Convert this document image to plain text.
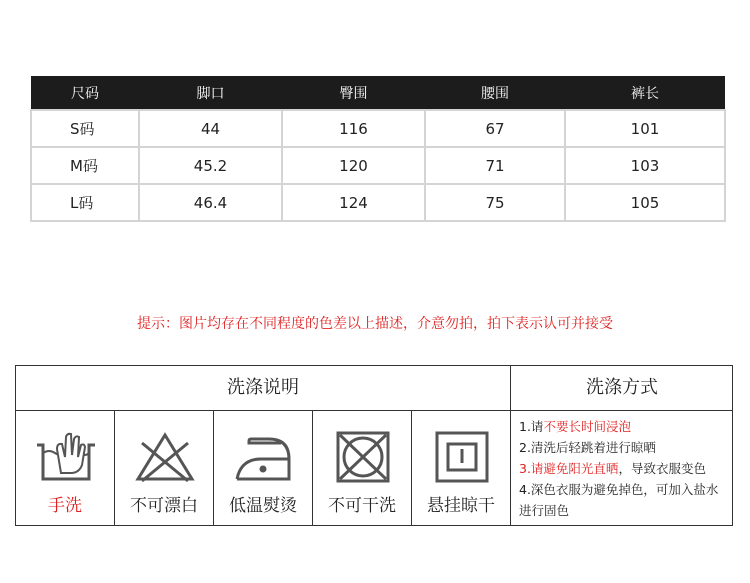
尺码	脚口	臀围	腰围	裤长
S码	44	116	67	101
M码	45.2	120	71	103
L码	46.4	124	75	105
提示：图片均存在不同程度的色差以上描述，介意勿拍，拍下表示认可并接受
洗涤说明	洗涤方式
手洗	不可漂白	低温熨烫	不可干洗	悬挂晾干

1.请不要长时间浸泡

2.清洗后轻跳着进行晾晒

3.请避免阳光直晒，导致衣服变色

4.深色衣服为避免掉色，可加入盐水进行固色
